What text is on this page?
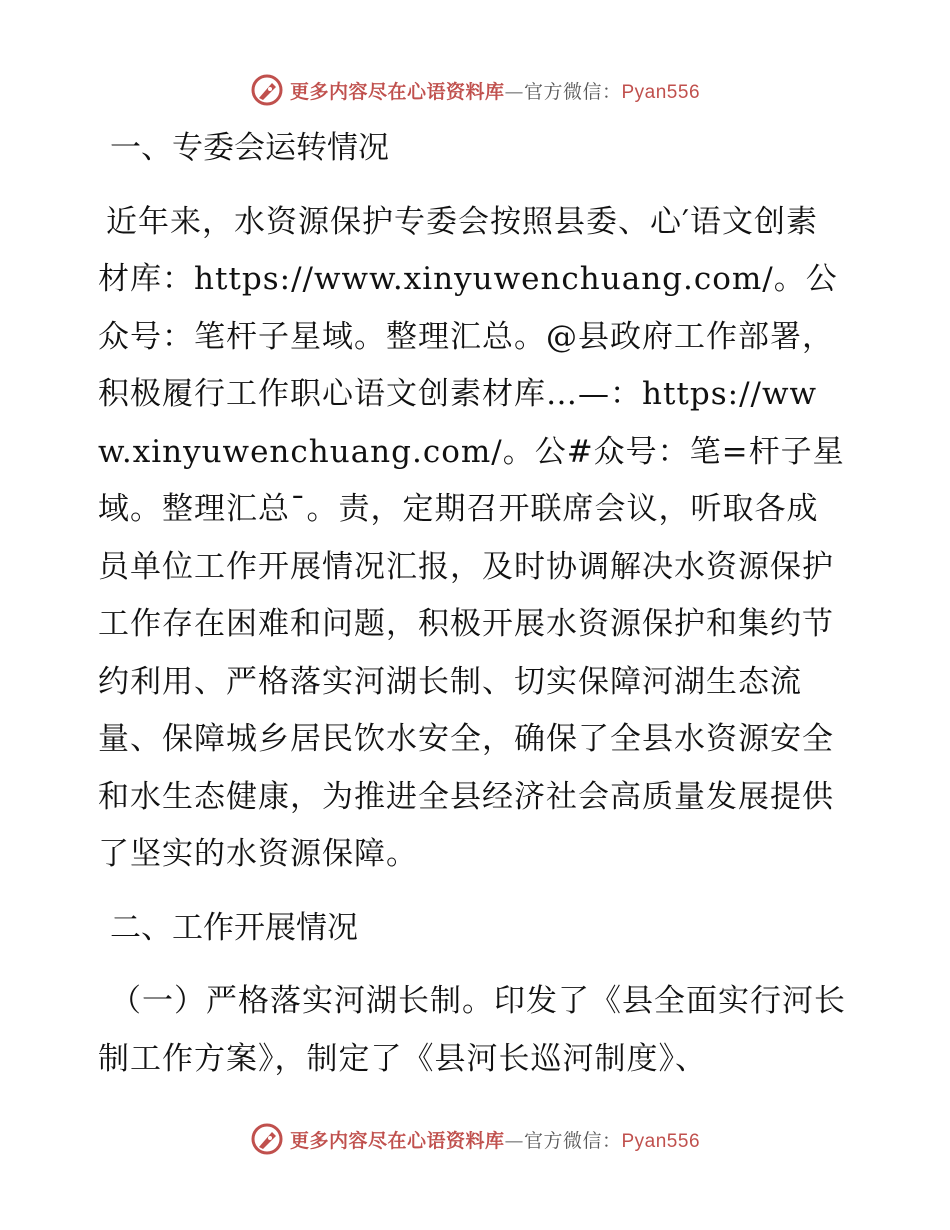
更多内容尽在心语资料库—官方微信：Pyan556
一、专委会运转情况
近年来，水资源保护专委会按照县委、心′语文创素材库：https://www.xinyuwenchuang.com/。公众号：笔杆子星域。整理汇总。@县政府工作部署，积极履行工作职心语文创素材库…—：https://www.xinyuwenchuang.com/。公#众号：笔=杆子星域。整理汇总¯。责，定期召开联席会议，听取各成员单位工作开展情况汇报，及时协调解决水资源保护工作存在困难和问题，积极开展水资源保护和集约节约利用、严格落实河湖长制、切实保障河湖生态流量、保障城乡居民饮水安全，确保了全县水资源安全和水生态健康，为推进全县经济社会高质量发展提供了坚实的水资源保障。
二、工作开展情况
（一）严格落实河湖长制。印发了《县全面实行河长制工作方案》，制定了《县河长巡河制度》、
更多内容尽在心语资料库—官方微信：Pyan556
